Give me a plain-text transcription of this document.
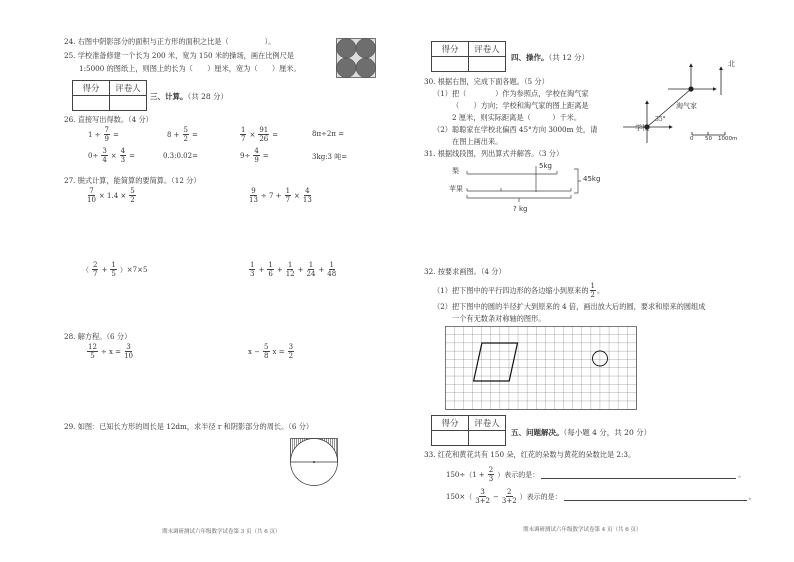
24. 右图中阴影部分的面积与正方形的面积之比是（　　　　　）。
25. 学校准备修建一个长为 200 米，宽为 150 米的操场，画在比例尺是
1:5000 的图纸上，则图上的长为（　　）厘米，宽为（　　）厘米。
得分	评卷人

三、计算。（共 28 分）
26. 直接写出得数。（4 分）
$1 \div \frac{7}{9}$ =	$8 + \frac{5}{2}$ =	$\frac{1}{7} \times \frac{91}{26}$ =	8π÷2π =
$0\div \frac{3}{4} \times \frac{4}{3}$ =	0.3:0.02=	$9\div \frac{4}{9}$ =	3kg:3 吨=
27. 脱式计算，能简算的要简算。（12 分）
$\frac{7}{10} \times 1.4 \times \frac{5}{2}$	$\frac{9}{13} \div 7 + \frac{1}{7} \times \frac{4}{13}$
（ $\frac{2}{7} + \frac{1}{5} )\times 7\times 5$	$\frac{1}{3} + \frac{1}{6} + \frac{1}{12} + \frac{1}{24} + \frac{1}{48}$
28. 解方程。（6 分）
$\frac{12}{5} \div x = \frac{3}{10}$	$x - \frac{5}{8}$ $x = \frac{3}{2}$
29. 如图：已知长方形的周长是 12dm，求半径 r 和阴影部分的周长。（6 分）
期末调研测试六年级数学试卷第 3 页（共 6 页）
得分	评卷人

四、操作。（共 12 分）
30. 根据右图，完成下面各题。（5 分）
（1）把（　　　　）作为参照点，学校在淘气家
（　　）方向；学校和淘气家的图上距离是
2 厘米，则实际距离是（　　　）千米。
（2）聪聪家在学校北偏西 45°方向 3000m 处，请
在图上画出来。
北
学校
淘气家
35°
0 50 1000m
31. 根据线段图，列出算式并解答。（3 分）
梨
苹果
5kg
45kg
? kg
32. 按要求画图。（4 分）
（1）把下图中的平行四边形的各边缩小到原来的 $\frac{1}{2}$ 。
（2）把下图中的圆的半径扩大到原来的 4 倍，画出放大后的圆，要求和原来的圆组成
一个有无数条对称轴的图形。
得分	评卷人

五、问题解决。（每小题 4 分，共 20 分）
33. 红花和黄花共有 150 朵，红花的朵数与黄花的朵数比是 2:3。
$150\div(1 + \frac{2}{3}$ ）表示的是：	。
$150\times( \frac{3}{3+2} - \frac{2}{3+2}$ ）表示的是：	。
期末调研测试六年级数学试卷第 4 页（共 6 页）
